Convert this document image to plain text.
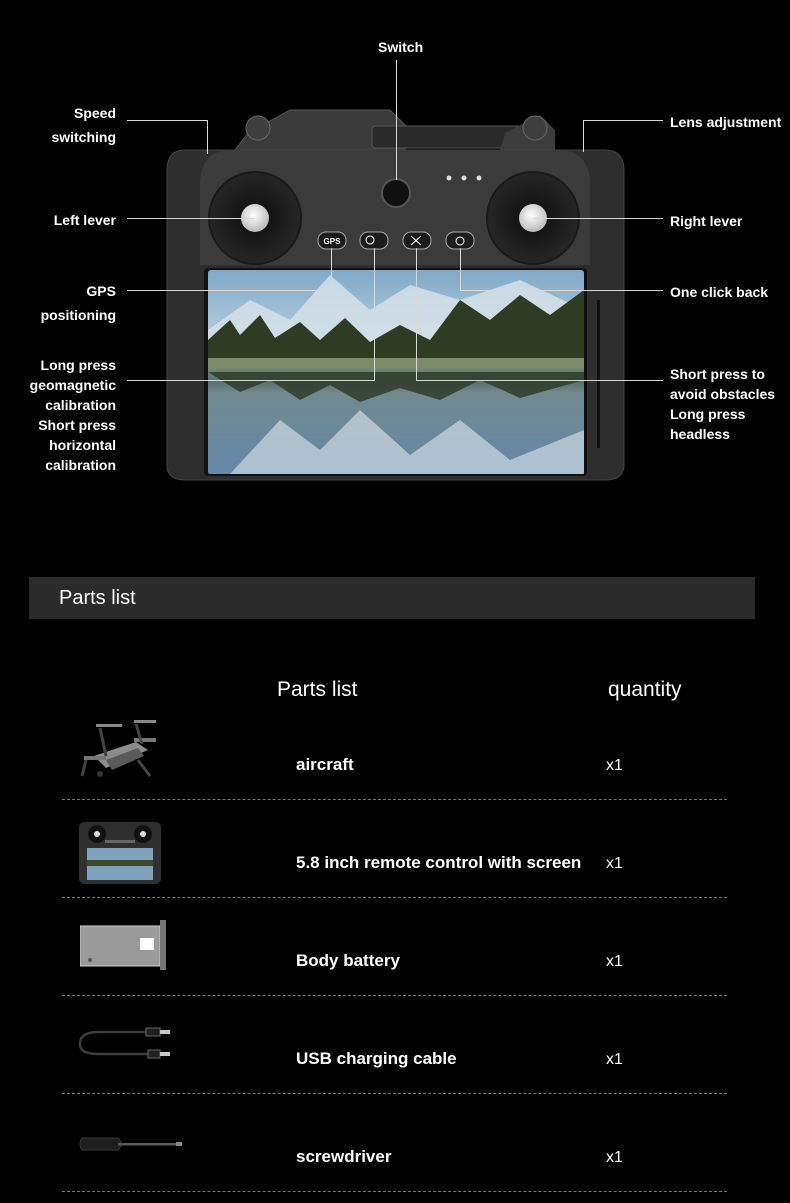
GPS
Switch
Speed
switching
Lens adjustment
Left lever	Right lever
GPS
positioning
One click back
Long press
geomagnetic
calibration
Short press
horizontal
calibration
Short press to
avoid obstacles
Long press
headless
Parts list
Parts list	quantity
aircraft	x1
5.8 inch remote control with screen x1
Body battery	x1
USB charging cable	x1
screwdriver	x1
